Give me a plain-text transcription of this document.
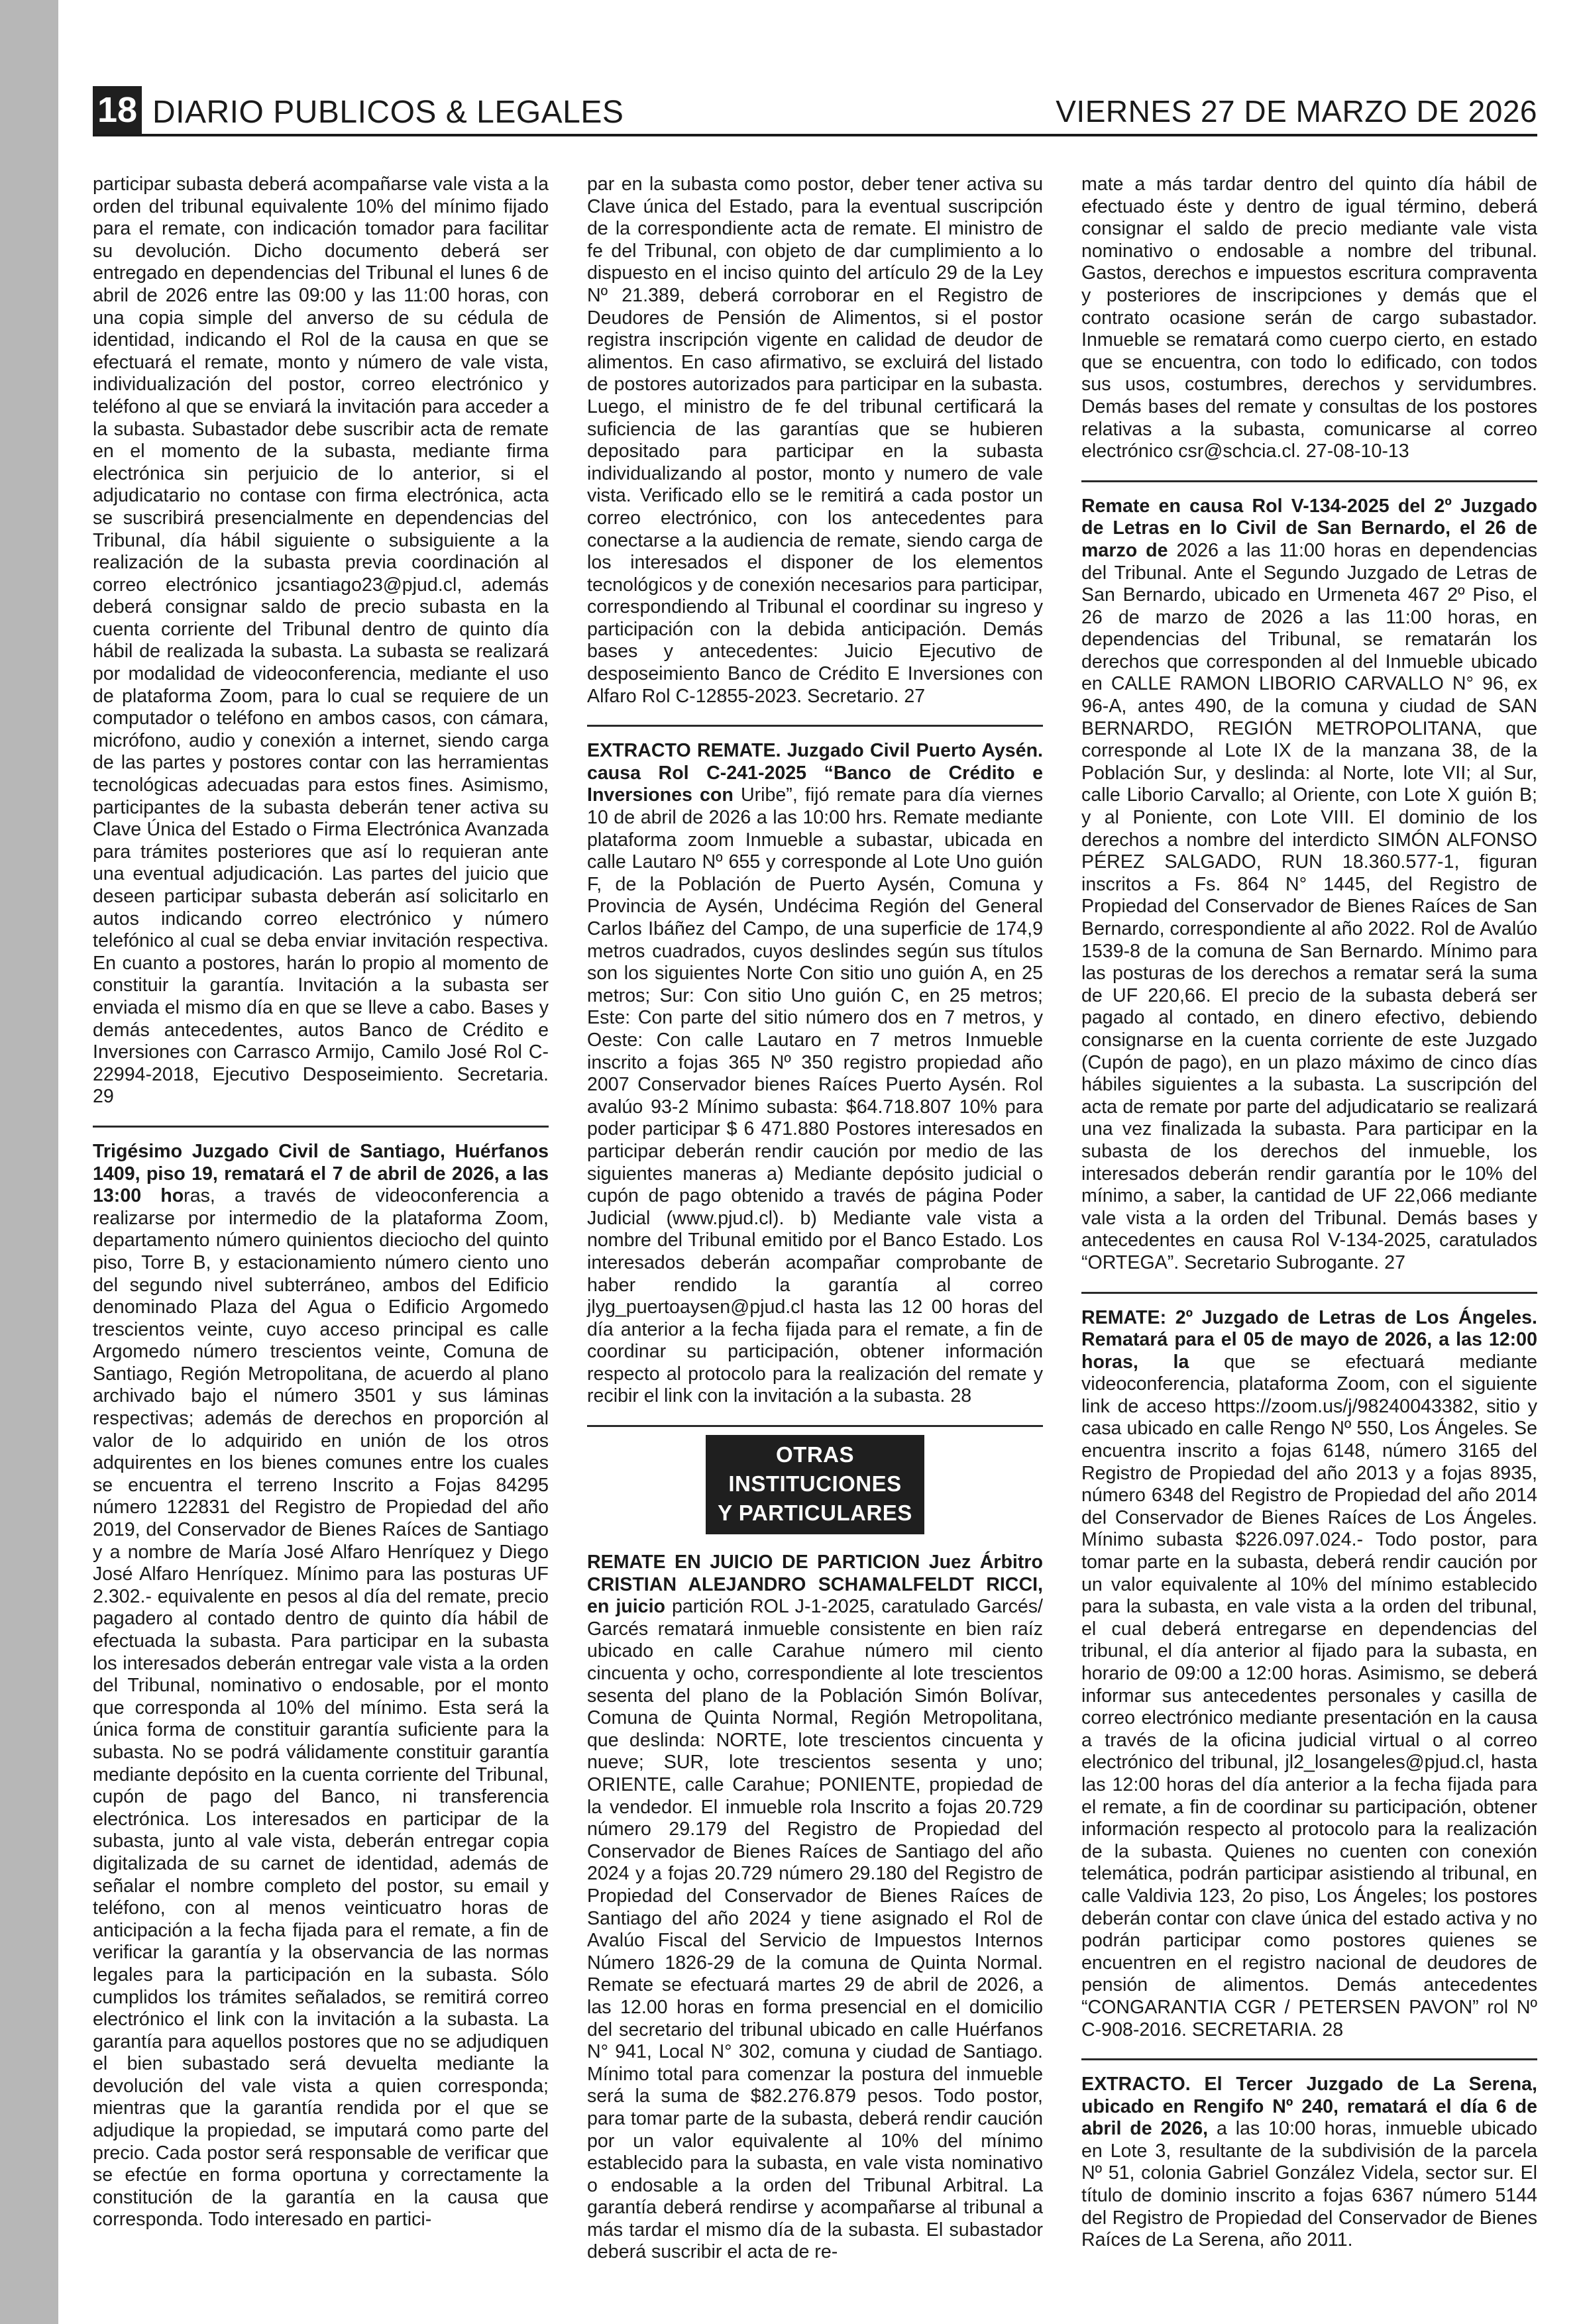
18 DIARIO PUBLICOS & LEGALES	VIERNES 27 DE MARZO DE 2026

participar subasta deberá acompañarse vale vista a la orden del tribunal equivalente 10% del mínimo fijado para el remate, con indicación tomador para facilitar su devolución. Dicho documento deberá ser entregado en dependencias del Tribunal el lunes 6 de abril de 2026 entre las 09:00 y las 11:00 horas, con una copia simple del anverso de su cédula de identidad, indicando el Rol de la causa en que se efectuará el remate, monto y número de vale vista, individualización del postor, correo electrónico y teléfono al que se enviará la invitación para acceder a la subasta. Subastador debe suscribir acta de remate en el momento de la subasta, mediante firma electrónica sin perjuicio de lo anterior, si el adjudicatario no contase con firma electrónica, acta se suscribirá presencialmente en dependencias del Tribunal, día hábil siguiente o subsiguiente a la realización de la subasta previa coordinación al correo electrónico jcsantiago23@pjud.cl, además deberá consignar saldo de precio subasta en la cuenta corriente del Tribunal dentro de quinto día hábil de realizada la subasta. La subasta se realizará por modalidad de videoconferencia, mediante el uso de plataforma Zoom, para lo cual se requiere de un computador o teléfono en ambos casos, con cámara, micrófono, audio y conexión a internet, siendo carga de las partes y postores contar con las herramientas tecnológicas adecuadas para estos fines. Asimismo, participantes de la subasta deberán tener activa su Clave Única del Estado o Firma Electrónica Avanzada para trámites posteriores que así lo requieran ante una eventual adjudicación. Las partes del juicio que deseen participar subasta deberán así solicitarlo en autos indicando correo electrónico y número telefónico al cual se deba enviar invitación respectiva. En cuanto a postores, harán lo propio al momento de constituir la garantía. Invitación a la subasta ser enviada el mismo día en que se lleve a cabo. Bases y demás antecedentes, autos Banco de Crédito e Inversiones con Carrasco Armijo, Camilo José Rol C-22994-2018, Ejecutivo Desposeimiento. Secretaria. 29

Trigésimo Juzgado Civil de Santiago, Huérfanos 1409, piso 19, rematará el 7 de abril de 2026, a las 13:00 horas, a través de videoconferencia a realizarse por intermedio de la plataforma Zoom, departamento número quinientos dieciocho del quinto piso, Torre B, y estacionamiento número ciento uno del segundo nivel subterráneo, ambos del Edificio denominado Plaza del Agua o Edificio Argomedo trescientos veinte, cuyo acceso principal es calle Argomedo número trescientos veinte, Comuna de Santiago, Región Metropolitana, de acuerdo al plano archivado bajo el número 3501 y sus láminas respectivas; además de derechos en proporción al valor de lo adquirido en unión de los otros adquirentes en los bienes comunes entre los cuales se encuentra el terreno Inscrito a Fojas 84295 número 122831 del Registro de Propiedad del año 2019, del Conservador de Bienes Raíces de Santiago y a nombre de María José Alfaro Henríquez y Diego José Alfaro Henríquez. Mínimo para las posturas UF 2.302.- equivalente en pesos al día del remate, precio pagadero al contado dentro de quinto día hábil de efectuada la subasta. Para participar en la subasta los interesados deberán entregar vale vista a la orden del Tribunal, nominativo o endosable, por el monto que corresponda al 10% del mínimo. Esta será la única forma de constituir garantía suficiente para la subasta. No se podrá válidamente constituir garantía mediante depósito en la cuenta corriente del Tribunal, cupón de pago del Banco, ni transferencia electrónica. Los interesados en participar de la subasta, junto al vale vista, deberán entregar copia digitalizada de su carnet de identidad, además de señalar el nombre completo del postor, su email y teléfono, con al menos veinticuatro horas de anticipación a la fecha fijada para el remate, a fin de verificar la garantía y la observancia de las normas legales para la participación en la subasta. Sólo cumplidos los trámites señalados, se remitirá correo electrónico el link con la invitación a la subasta. La garantía para aquellos postores que no se adjudiquen el bien subastado será devuelta mediante la devolución del vale vista a quien corresponda; mientras que la garantía rendida por el que se adjudique la propiedad, se imputará como parte del precio. Cada postor será responsable de verificar que se efectúe en forma oportuna y correctamente la constitución de la garantía en la causa que corresponda. Todo interesado en partici-

par en la subasta como postor, deber tener activa su Clave única del Estado, para la eventual suscripción de la correspondiente acta de remate. El ministro de fe del Tribunal, con objeto de dar cumplimiento a lo dispuesto en el inciso quinto del artículo 29 de la Ley Nº 21.389, deberá corroborar en el Registro de Deudores de Pensión de Alimentos, si el postor registra inscripción vigente en calidad de deudor de alimentos. En caso afirmativo, se excluirá del listado de postores autorizados para participar en la subasta. Luego, el ministro de fe del tribunal certificará la suficiencia de las garantías que se hubieren depositado para participar en la subasta individualizando al postor, monto y numero de vale vista. Verificado ello se le remitirá a cada postor un correo electrónico, con los antecedentes para conectarse a la audiencia de remate, siendo carga de los interesados el disponer de los elementos tecnológicos y de conexión necesarios para participar, correspondiendo al Tribunal el coordinar su ingreso y participación con la debida anticipación. Demás bases y antecedentes: Juicio Ejecutivo de desposeimiento Banco de Crédito E Inversiones con Alfaro Rol C-12855-2023. Secretario. 27

EXTRACTO REMATE. Juzgado Civil Puerto Aysén. causa Rol C-241-2025 “Banco de Crédito e Inversiones con Uribe”, fijó remate para día viernes 10 de abril de 2026 a las 10:00 hrs. Remate mediante plataforma zoom Inmueble a subastar, ubicada en calle Lautaro Nº 655 y corresponde al Lote Uno guión F, de la Población de Puerto Aysén, Comuna y Provincia de Aysén, Undécima Región del General Carlos Ibáñez del Campo, de una superficie de 174,9 metros cuadrados, cuyos deslindes según sus títulos son los siguientes Norte Con sitio uno guión A, en 25 metros; Sur: Con sitio Uno guión C, en 25 metros; Este: Con parte del sitio número dos en 7 metros, y Oeste: Con calle Lautaro en 7 metros Inmueble inscrito a fojas 365 Nº 350 registro propiedad año 2007 Conservador bienes Raíces Puerto Aysén. Rol avalúo 93-2 Mínimo subasta: $64.718.807 10% para poder participar $ 6 471.880 Postores interesados en participar deberán rendir caución por medio de las siguientes maneras a) Mediante depósito judicial o cupón de pago obtenido a través de página Poder Judicial (www.pjud.cl). b) Mediante vale vista a nombre del Tribunal emitido por el Banco Estado. Los interesados deberán acompañar comprobante de haber rendido la garantía al correo jlyg_puertoaysen@pjud.cl hasta las 12 00 horas del día anterior a la fecha fijada para el remate, a fin de coordinar su participación, obtener información respecto al protocolo para la realización del remate y recibir el link con la invitación a la subasta. 28

OTRAS INSTITUCIONES
Y PARTICULARES

REMATE EN JUICIO DE PARTICION Juez Árbitro CRISTIAN ALEJANDRO SCHAMALFELDT RICCI, en juicio partición ROL J-1-2025, caratulado Garcés/ Garcés rematará inmueble consistente en bien raíz ubicado en calle Carahue número mil ciento cincuenta y ocho, correspondiente al lote trescientos sesenta del plano de la Población Simón Bolívar, Comuna de Quinta Normal, Región Metropolitana, que deslinda: NORTE, lote trescientos cincuenta y nueve; SUR, lote trescientos sesenta y uno; ORIENTE, calle Carahue; PONIENTE, propiedad de la vendedor. El inmueble rola Inscrito a fojas 20.729 número 29.179 del Registro de Propiedad del Conservador de Bienes Raíces de Santiago del año 2024 y a fojas 20.729 número 29.180 del Registro de Propiedad del Conservador de Bienes Raíces de Santiago del año 2024 y tiene asignado el Rol de Avalúo Fiscal del Servicio de Impuestos Internos Número 1826-29 de la comuna de Quinta Normal. Remate se efectuará martes 29 de abril de 2026, a las 12.00 horas en forma presencial en el domicilio del secretario del tribunal ubicado en calle Huérfanos N° 941, Local N° 302, comuna y ciudad de Santiago. Mínimo total para comenzar la postura del inmueble será la suma de $82.276.879 pesos. Todo postor, para tomar parte de la subasta, deberá rendir caución por un valor equivalente al 10% del mínimo establecido para la subasta, en vale vista nominativo o endosable a la orden del Tribunal Arbitral. La garantía deberá rendirse y acompañarse al tribunal a más tardar el mismo día de la subasta. El subastador deberá suscribir el acta de re-

mate a más tardar dentro del quinto día hábil de efectuado éste y dentro de igual término, deberá consignar el saldo de precio mediante vale vista nominativo o endosable a nombre del tribunal. Gastos, derechos e impuestos escritura compraventa y posteriores de inscripciones y demás que el contrato ocasione serán de cargo subastador. Inmueble se rematará como cuerpo cierto, en estado que se encuentra, con todo lo edificado, con todos sus usos, costumbres, derechos y servidumbres. Demás bases del remate y consultas de los postores relativas a la subasta, comunicarse al correo electrónico csr@schcia.cl. 27-08-10-13

Remate en causa Rol V-134-2025 del 2º Juzgado de Letras en lo Civil de San Bernardo, el 26 de marzo de 2026 a las 11:00 horas en dependencias del Tribunal. Ante el Segundo Juzgado de Letras de San Bernardo, ubicado en Urmeneta 467 2º Piso, el 26 de marzo de 2026 a las 11:00 horas, en dependencias del Tribunal, se rematarán los derechos que corresponden al del Inmueble ubicado en CALLE RAMON LIBORIO CARVALLO N° 96, ex 96-A, antes 490, de la comuna y ciudad de SAN BERNARDO, REGIÓN METROPOLITANA, que corresponde al Lote IX de la manzana 38, de la Población Sur, y deslinda: al Norte, lote VII; al Sur, calle Liborio Carvallo; al Oriente, con Lote X guión B; y al Poniente, con Lote VIII. El dominio de los derechos a nombre del interdicto SIMÓN ALFONSO PÉREZ SALGADO, RUN 18.360.577-1, figuran inscritos a Fs. 864 N° 1445, del Registro de Propiedad del Conservador de Bienes Raíces de San Bernardo, correspondiente al año 2022. Rol de Avalúo 1539-8 de la comuna de San Bernardo. Mínimo para las posturas de los derechos a rematar será la suma de UF 220,66. El precio de la subasta deberá ser pagado al contado, en dinero efectivo, debiendo consignarse en la cuenta corriente de este Juzgado (Cupón de pago), en un plazo máximo de cinco días hábiles siguientes a la subasta. La suscripción del acta de remate por parte del adjudicatario se realizará una vez finalizada la subasta. Para participar en la subasta de los derechos del inmueble, los interesados deberán rendir garantía por le 10% del mínimo, a saber, la cantidad de UF 22,066 mediante vale vista a la orden del Tribunal. Demás bases y antecedentes en causa Rol V-134-2025, caratulados “ORTEGA”. Secretario Subrogante. 27

REMATE: 2º Juzgado de Letras de Los Ángeles. Rematará para el 05 de mayo de 2026, a las 12:00 horas, la que se efectuará mediante videoconferencia, plataforma Zoom, con el siguiente link de acceso https://zoom.us/j/98240043382, sitio y casa ubicado en calle Rengo Nº 550, Los Ángeles. Se encuentra inscrito a fojas 6148, número 3165 del Registro de Propiedad del año 2013 y a fojas 8935, número 6348 del Registro de Propiedad del año 2014 del Conservador de Bienes Raíces de Los Ángeles. Mínimo subasta $226.097.024.- Todo postor, para tomar parte en la subasta, deberá rendir caución por un valor equivalente al 10% del mínimo establecido para la subasta, en vale vista a la orden del tribunal, el cual deberá entregarse en dependencias del tribunal, el día anterior al fijado para la subasta, en horario de 09:00 a 12:00 horas. Asimismo, se deberá informar sus antecedentes personales y casilla de correo electrónico mediante presentación en la causa a través de la oficina judicial virtual o al correo electrónico del tribunal, jl2_losangeles@pjud.cl, hasta las 12:00 horas del día anterior a la fecha fijada para el remate, a fin de coordinar su participación, obtener información respecto al protocolo para la realización de la subasta. Quienes no cuenten con conexión telemática, podrán participar asistiendo al tribunal, en calle Valdivia 123, 2o piso, Los Ángeles; los postores deberán contar con clave única del estado activa y no podrán participar como postores quienes se encuentren en el registro nacional de deudores de pensión de alimentos. Demás antecedentes “CONGARANTIA CGR / PETERSEN PAVON” rol Nº C-908-2016. SECRETARIA. 28

EXTRACTO. El Tercer Juzgado de La Serena, ubicado en Rengifo Nº 240, rematará el día 6 de abril de 2026, a las 10:00 horas, inmueble ubicado en Lote 3, resultante de la subdivisión de la parcela Nº 51, colonia Gabriel González Videla, sector sur. El título de dominio inscrito a fojas 6367 número 5144 del Registro de Propiedad del Conservador de Bienes Raíces de La Serena, año 2011.
